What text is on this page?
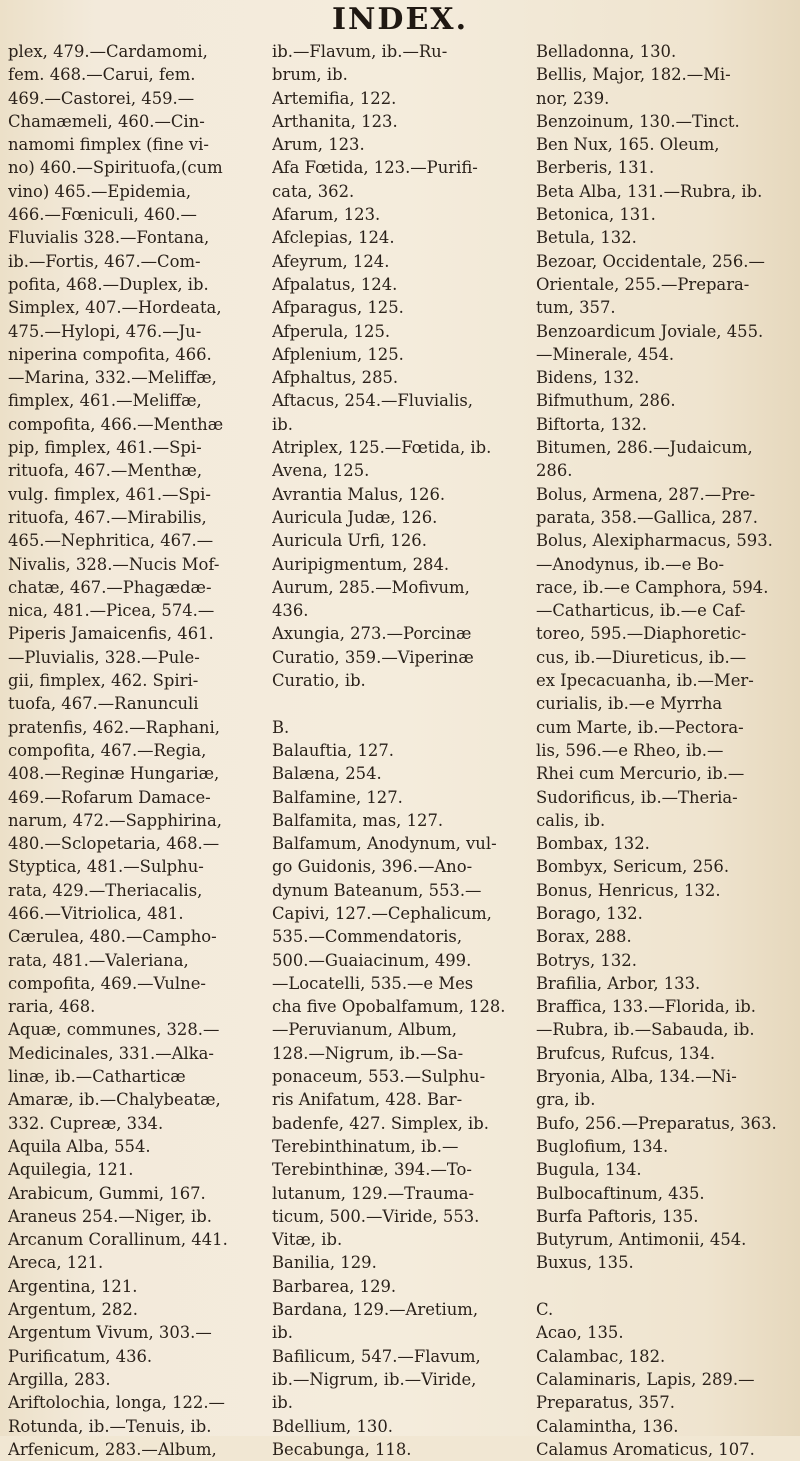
INDEX.
plex, 479.—Cardamomi,
fem. 468.—Carui, fem.
469.—Castorei, 459.—
Chamæmeli, 460.—Cin-
namomi fimplex (fine vi-
no) 460.—Spirituofa,(cum
vino) 465.—Epidemia,
466.—Fœniculi, 460.—
Fluvialis 328.—Fontana,
ib.—Fortis, 467.—Com-
pofita, 468.—Duplex, ib.
Simplex, 407.—Hordeata,
475.—Hylopi, 476.—Ju-
niperina compofita, 466.
—Marina, 332.—Meliffæ,
fimplex, 461.—Meliffæ,
compofita, 466.—Menthæ
pip, fimplex, 461.—Spi-
rituofa, 467.—Menthæ,
vulg. fimplex, 461.—Spi-
rituofa, 467.—Mirabilis,
465.—Nephritica, 467.—
Nivalis, 328.—Nucis Mof-
chatæ, 467.—Phagædæ-
nica, 481.—Picea, 574.—
Piperis Jamaicenfis, 461.
—Pluvialis, 328.—Pule-
gii, fimplex, 462. Spiri-
tuofa, 467.—Ranunculi
pratenfis, 462.—Raphani,
compofita, 467.—Regia,
408.—Reginæ Hungariæ,
469.—Rofarum Damace-
narum, 472.—Sapphirina,
480.—Sclopetaria, 468.—
Styptica, 481.—Sulphu-
rata, 429.—Theriacalis,
466.—Vitriolica, 481.
Cærulea, 480.—Campho-
rata, 481.—Valeriana,
compofita, 469.—Vulne-
raria, 468.
Aquæ, communes, 328.—
Medicinales, 331.—Alka-
linæ, ib.—Catharticæ
Amaræ, ib.—Chalybeatæ,
332. Cupreæ, 334.
Aquila Alba, 554.
Aquilegia, 121.
Arabicum, Gummi, 167.
Araneus 254.—Niger, ib.
Arcanum Corallinum, 441.
Areca, 121.
Argentina, 121.
Argentum, 282.
Argentum Vivum, 303.—
Purificatum, 436.
Argilla, 283.
Ariftolochia, longa, 122.—
Rotunda, ib.—Tenuis, ib.
Arfenicum, 283.—Album,
ib.—Flavum, ib.—Ru-
brum, ib.
Artemifia, 122.
Arthanita, 123.
Arum, 123.
Afa Fœtida, 123.—Purifi-
cata, 362.
Afarum, 123.
Afclepias, 124.
Afeyrum, 124.
Afpalatus, 124.
Afparagus, 125.
Afperula, 125.
Afplenium, 125.
Afphaltus, 285.
Aftacus, 254.—Fluvialis,
ib.
Atriplex, 125.—Fœtida, ib.
Avena, 125.
Avrantia Malus, 126.
Auricula Judæ, 126.
Auricula Urfi, 126.
Auripigmentum, 284.
Aurum, 285.—Mofivum,
436.
Axungia, 273.—Porcinæ
Curatio, 359.—Viperinæ
Curatio, ib.
B.
Balauftia, 127.
Balæna, 254.
Balfamine, 127.
Balfamita, mas, 127.
Balfamum, Anodynum, vul-
go Guidonis, 396.—Ano-
dynum Bateanum, 553.—
Capivi, 127.—Cephalicum,
535.—Commendatoris,
500.—Guaiacinum, 499.
—Locatelli, 535.—e Mes
cha five Opobalfamum, 128.
—Peruvianum, Album,
128.—Nigrum, ib.—Sa-
ponaceum, 553.—Sulphu-
ris Anifatum, 428. Bar-
badenfe, 427. Simplex, ib.
Terebinthinatum, ib.—
Terebinthinæ, 394.—To-
lutanum, 129.—Trauma-
ticum, 500.—Viride, 553.
Vitæ, ib.
Banilia, 129.
Barbarea, 129.
Bardana, 129.—Aretium,
ib.
Bafilicum, 547.—Flavum,
ib.—Nigrum, ib.—Viride,
ib.
Bdellium, 130.
Becabunga, 118.
Belladonna, 130.
Bellis, Major, 182.—Mi-
nor, 239.
Benzoinum, 130.—Tinct.
Ben Nux, 165. Oleum,
Berberis, 131.
Beta Alba, 131.—Rubra, ib.
Betonica, 131.
Betula, 132.
Bezoar, Occidentale, 256.—
Orientale, 255.—Prepara-
tum, 357.
Benzoardicum Joviale, 455.
—Minerale, 454.
Bidens, 132.
Bifmuthum, 286.
Biftorta, 132.
Bitumen, 286.—Judaicum,
286.
Bolus, Armena, 287.—Pre-
parata, 358.—Gallica, 287.
Bolus, Alexipharmacus, 593.
—Anodynus, ib.—e Bo-
race, ib.—e Camphora, 594.
—Catharticus, ib.—e Caf-
toreo, 595.—Diaphoretic-
cus, ib.—Diureticus, ib.—
ex Ipecacuanha, ib.—Mer-
curialis, ib.—e Myrrha
cum Marte, ib.—Pectora-
lis, 596.—e Rheo, ib.—
Rhei cum Mercurio, ib.—
Sudorificus, ib.—Theria-
calis, ib.
Bombax, 132.
Bombyx, Sericum, 256.
Bonus, Henricus, 132.
Borago, 132.
Borax, 288.
Botrys, 132.
Brafilia, Arbor, 133.
Braffica, 133.—Florida, ib.
—Rubra, ib.—Sabauda, ib.
Brufcus, Rufcus, 134.
Bryonia, Alba, 134.—Ni-
gra, ib.
Bufo, 256.—Preparatus, 363.
Buglofium, 134.
Bugula, 134.
Bulbocaftinum, 435.
Burfa Paftoris, 135.
Butyrum, Antimonii, 454.
Buxus, 135.
C.
Acao, 135.
Calambac, 182.
Calaminaris, Lapis, 289.—
Preparatus, 357.
Calamintha, 136.
Calamus Aromaticus, 107.
